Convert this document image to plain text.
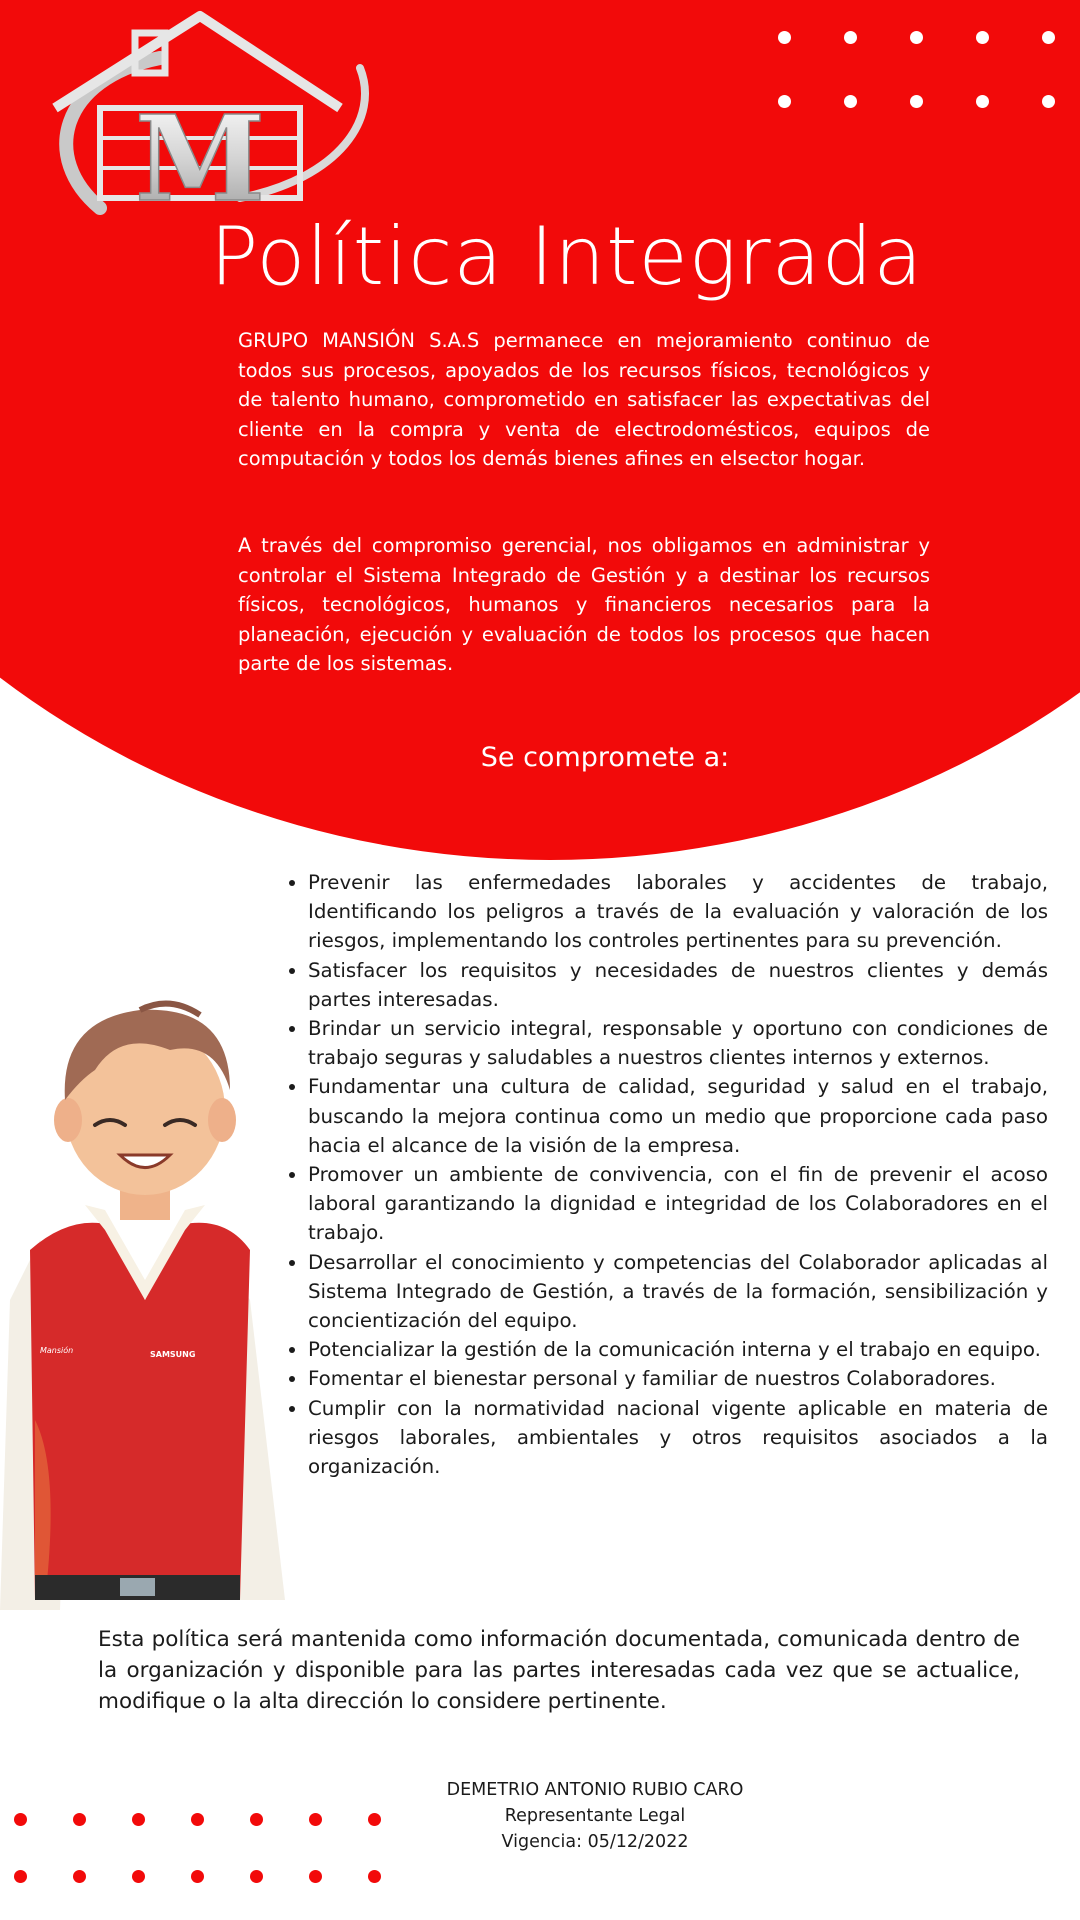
M
Política Integrada

GRUPO MANSIÓN S.A.S permanece en mejoramiento continuo de todos sus procesos, apoyados de los recursos físicos, tecnológicos y de talento humano, comprometido en satisfacer las expectativas del cliente en la compra y venta de electrodomésticos, equipos de computación y todos los demás bienes afines en elsector hogar.

A través del compromiso gerencial, nos obligamos en administrar y controlar el Sistema Integrado de Gestión y a destinar los recursos físicos, tecnológicos, humanos y financieros necesarios para la planeación, ejecución y evaluación de todos los procesos que hacen parte de los sistemas.

Se compromete a:

SAMSUNG
Mansión
• Prevenir las enfermedades laborales y accidentes de trabajo, Identificando los peligros a través de la evaluación y valoración de los riesgos, implementando los controles pertinentes para su prevención.
• Satisfacer los requisitos y necesidades de nuestros clientes y demás partes interesadas.
• Brindar un servicio integral, responsable y oportuno con condiciones de trabajo seguras y saludables a nuestros clientes internos y externos.
• Fundamentar una cultura de calidad, seguridad y salud en el trabajo, buscando la mejora continua como un medio que proporcione cada paso hacia el alcance de la visión de la empresa.
• Promover un ambiente de convivencia, con el fin de prevenir el acoso laboral garantizando la dignidad e integridad de los Colaboradores en el trabajo.
• Desarrollar el conocimiento y competencias del Colaborador aplicadas al Sistema Integrado de Gestión, a través de la formación, sensibilización y concientización del equipo.
• Potencializar la gestión de la comunicación interna y el trabajo en equipo.
• Fomentar el bienestar personal y familiar de nuestros Colaboradores.
• Cumplir con la normatividad nacional vigente aplicable en materia de riesgos laborales, ambientales y otros requisitos asociados a la organización.

Esta política será mantenida como información documentada, comunicada dentro de la organización y disponible para las partes interesadas cada vez que se actualice, modifique o la alta dirección lo considere pertinente.

DEMETRIO ANTONIO RUBIO CARO
Representante Legal
Vigencia: 05/12/2022
